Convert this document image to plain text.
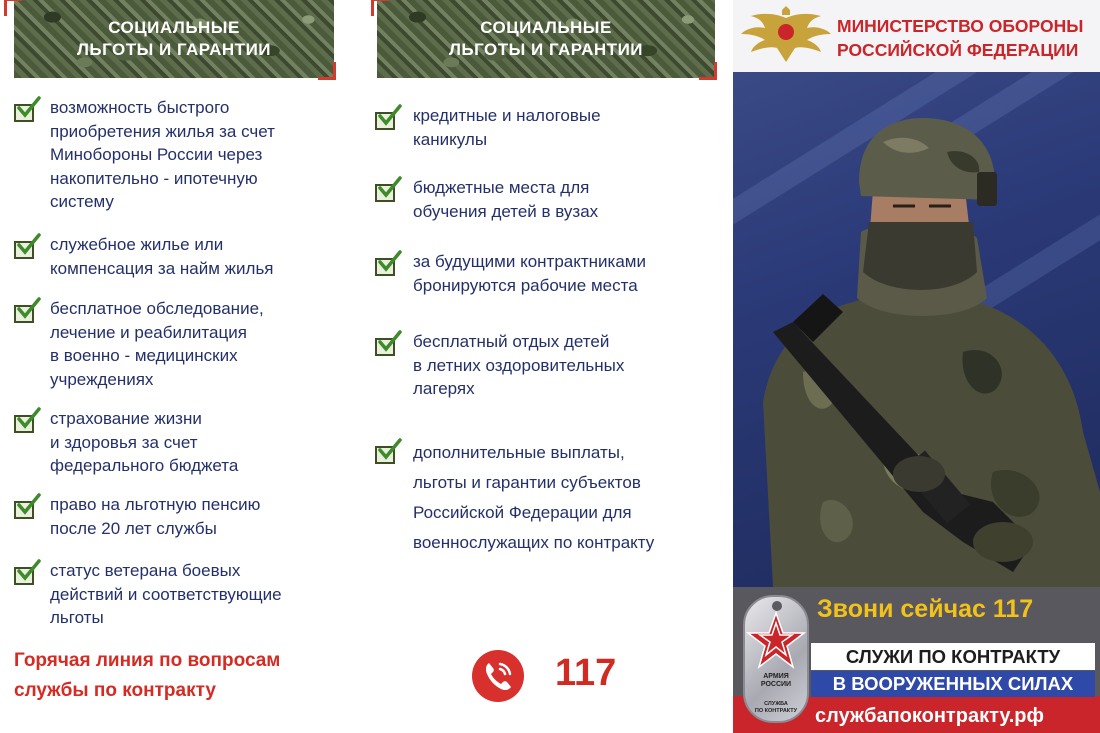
СОЦИАЛЬНЫЕ
ЛЬГОТЫ И ГАРАНТИИ
возможность быстрого
приобретения жилья за счет
Минобороны России через
накопительно - ипотечную
систему
служебное жилье или
компенсация за найм жилья
бесплатное обследование,
лечение и реабилитация
в военно - медицинских
учреждениях
страхование жизни
и здоровья за счет
федерального бюджета
право на льготную пенсию
после 20 лет службы
статус ветерана боевых
действий и соответствующие
льготы
Горячая линия по вопросам
службы по контракту
СОЦИАЛЬНЫЕ
ЛЬГОТЫ И ГАРАНТИИ
кредитные и налоговые
каникулы
бюджетные места для
обучения детей в вузах
за будущими контрактниками
бронируются рабочие места
бесплатный отдых детей
в летних оздоровительных
лагерях
дополнительные выплаты,
льготы и гарантии субъектов
Российской Федерации для
военнослужащих по контракту
117
МИНИСТЕРСТВО ОБОРОНЫ
РОССИЙСКОЙ ФЕДЕРАЦИИ
Звони сейчас 117
СЛУЖИ ПО КОНТРАКТУ
В ВООРУЖЕННЫХ СИЛАХ
службапоконтракту.рф
АРМИЯ
РОССИИ
СЛУЖБА
ПО КОНТРАКТУ
